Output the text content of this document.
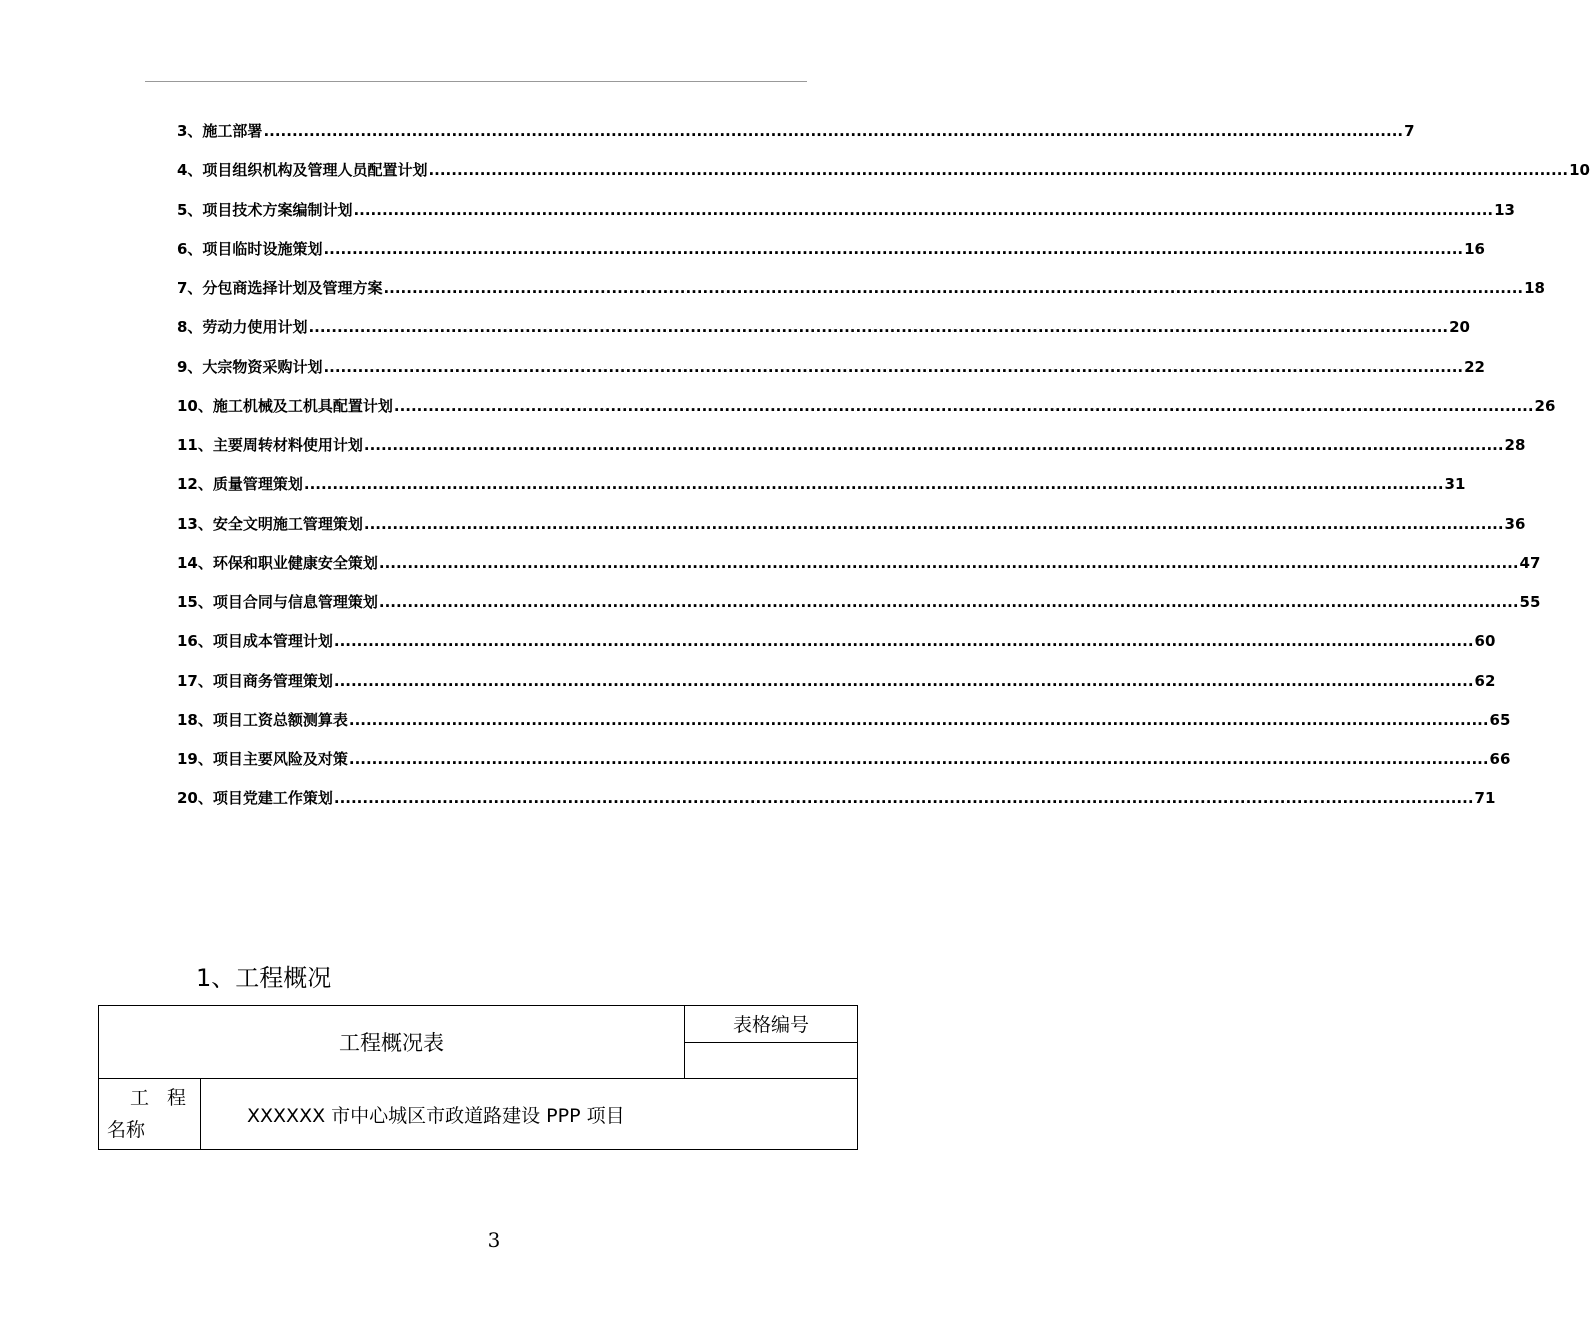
3、施工部署 ........................................................................................................................................................................................................ 7
4、项目组织机构及管理人员配置计划 ........................................................................................................................................................................................................ 10
5、项目技术方案编制计划 ........................................................................................................................................................................................................ 13
6、项目临时设施策划 ........................................................................................................................................................................................................ 16
7、分包商选择计划及管理方案 ........................................................................................................................................................................................................ 18
8、劳动力使用计划 ........................................................................................................................................................................................................ 20
9、大宗物资采购计划 ........................................................................................................................................................................................................ 22
10、施工机械及工机具配置计划 ........................................................................................................................................................................................................ 26
11、主要周转材料使用计划 ........................................................................................................................................................................................................ 28
12、质量管理策划 ........................................................................................................................................................................................................ 31
13、安全文明施工管理策划 ........................................................................................................................................................................................................ 36
14、环保和职业健康安全策划 ........................................................................................................................................................................................................ 47
15、项目合同与信息管理策划 ........................................................................................................................................................................................................ 55
16、项目成本管理计划 ........................................................................................................................................................................................................ 60
17、项目商务管理策划 ........................................................................................................................................................................................................ 62
18、项目工资总额测算表 ........................................................................................................................................................................................................ 65
19、项目主要风险及对策 ........................................................................................................................................................................................................ 66
20、项目党建工作策划 ........................................................................................................................................................................................................ 71
1、工程概况
工程概况表		表格编号

工 程
名称	XXXXXX 市中心城区市政道路建设 PPP 项目	
3
